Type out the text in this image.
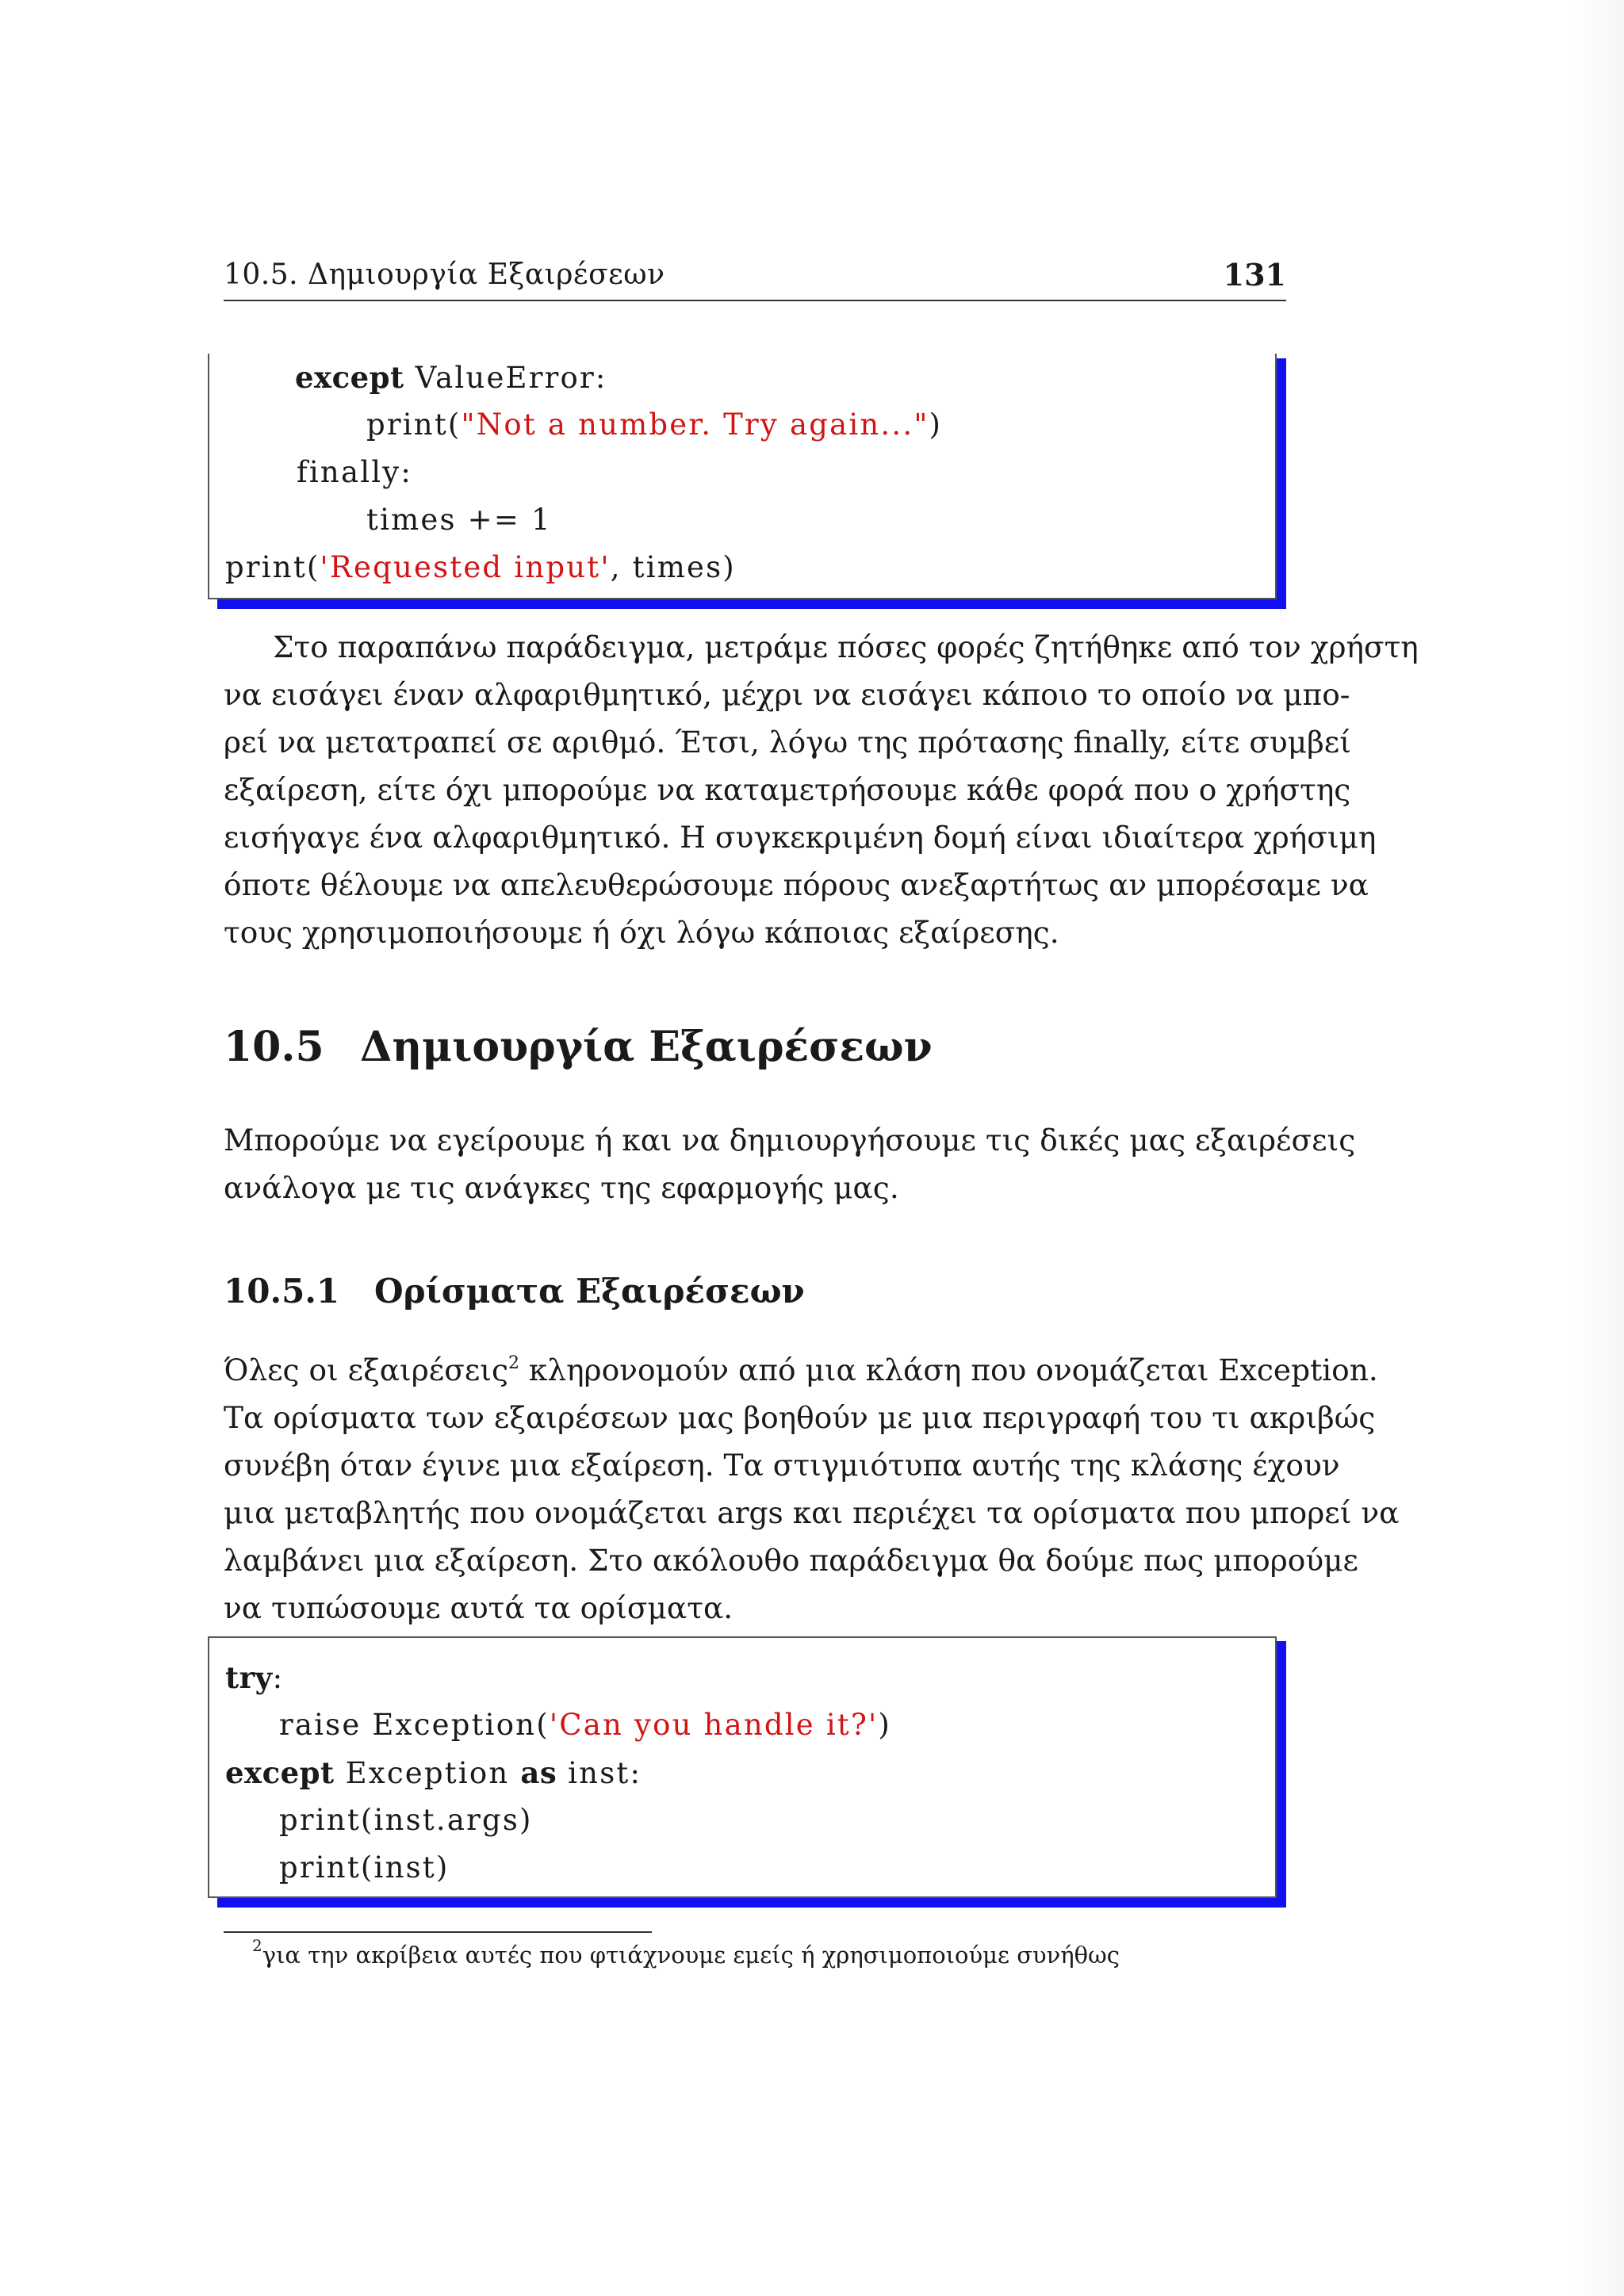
10.5. Δημιουργία Εξαιρέσεων	131

except ValueError:

print("Not a number. Try again...")

finally:

times += 1

print('Requested input', times)

Στο παραπάνω παράδειγμα, μετράμε πόσες φορές ζητήθηκε από τον χρήστη
να εισάγει έναν αλφαριθμητικό, μέχρι να εισάγει κάποιο το οποίο να μπο-
ρεί να μετατραπεί σε αριθμό. Έτσι, λόγω της πρότασης finally, είτε συμβεί
εξαίρεση, είτε όχι μπορούμε να καταμετρήσουμε κάθε φορά που ο χρήστης
εισήγαγε ένα αλφαριθμητικό. Η συγκεκριμένη δομή είναι ιδιαίτερα χρήσιμη
όποτε θέλουμε να απελευθερώσουμε πόρους ανεξαρτήτως αν μπορέσαμε να
τους χρησιμοποιήσουμε ή όχι λόγω κάποιας εξαίρεσης.
10.5 Δημιουργία Εξαιρέσεων
Μπορούμε να εγείρουμε ή και να δημιουργήσουμε τις δικές μας εξαιρέσεις
ανάλογα με τις ανάγκες της εφαρμογής μας.
10.5.1 Ορίσματα Εξαιρέσεων
Όλες οι εξαιρέσεις$^2$ κληρονομούν από μια κλάση που ονομάζεται Exception.
Τα ορίσματα των εξαιρέσεων μας βοηθούν με μια περιγραφή του τι ακριβώς
συνέβη όταν έγινε μια εξαίρεση. Τα στιγμιότυπα αυτής της κλάσης έχουν
μια μεταβλητής που ονομάζεται args και περιέχει τα ορίσματα που μπορεί να
λαμβάνει μια εξαίρεση. Στο ακόλουθο παράδειγμα θα δούμε πως μπορούμε
να τυπώσουμε αυτά τα ορίσματα.

try:

raise Exception('Can you handle it?')

except Exception as inst:

print(inst.args)

print(inst)

$^2$για την ακρίβεια αυτές που φτιάχνουμε εμείς ή χρησιμοποιούμε συνήθως
